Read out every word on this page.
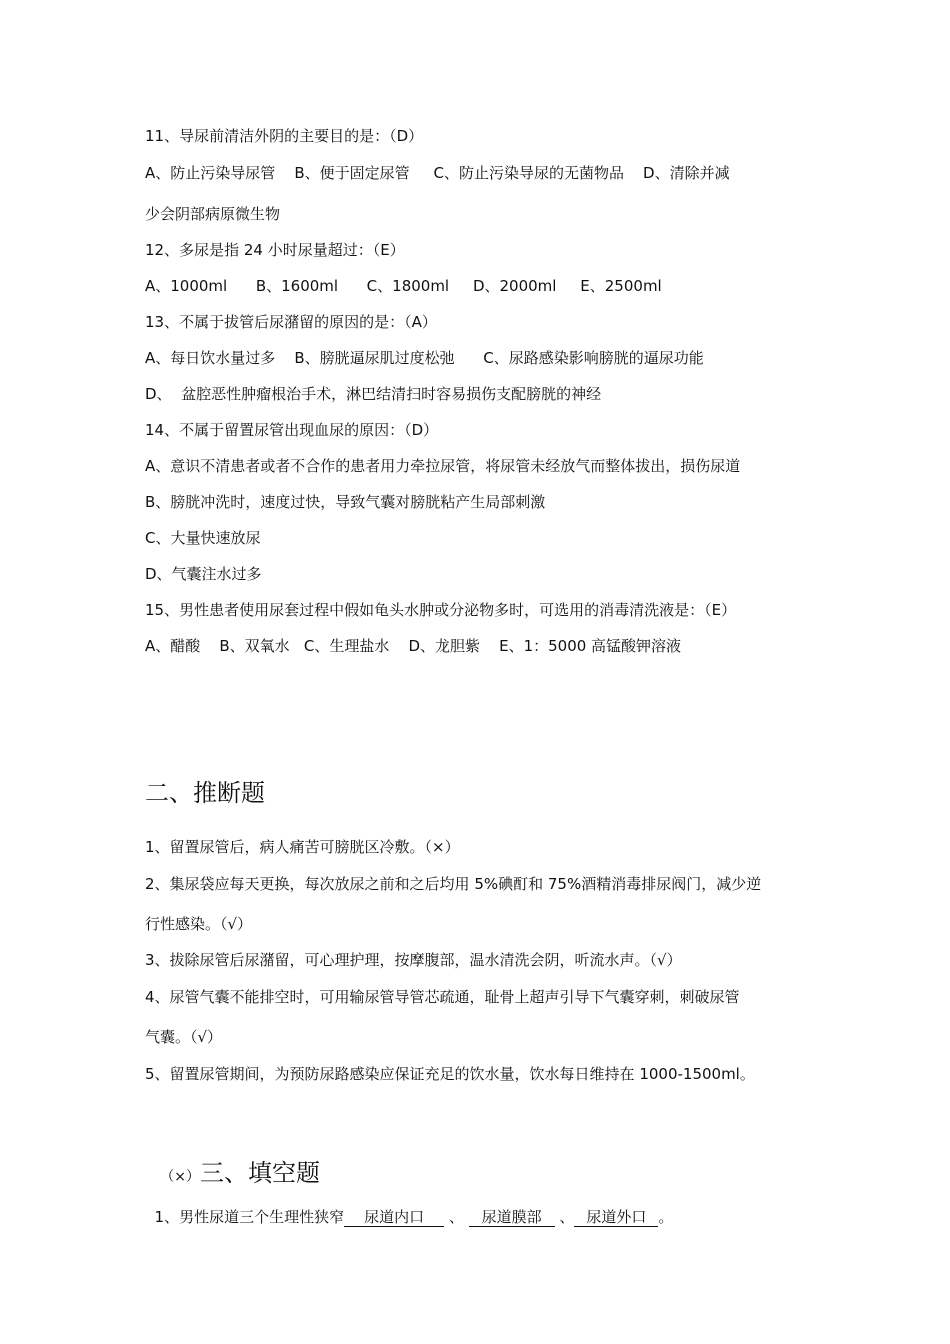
11、导尿前清洁外阴的主要目的是：（D）
A、防止污染导尿管    B、便于固定尿管     C、防止污染导尿的无菌物品    D、清除并减
少会阴部病原微生物
12、多尿是指 24 小时尿量超过：（E）
A、1000ml      B、1600ml      C、1800ml     D、2000ml     E、2500ml
13、不属于拔管后尿潴留的原因的是：（A）
A、每日饮水量过多    B、膀胱逼尿肌过度松弛      C、尿路感染影响膀胱的逼尿功能
D、  盆腔恶性肿瘤根治手术，淋巴结清扫时容易损伤支配膀胱的神经
14、不属于留置尿管出现血尿的原因：（D）
A、意识不清患者或者不合作的患者用力牵拉尿管，将尿管未经放气而整体拔出，损伤尿道
B、膀胱冲洗时，速度过快，导致气囊对膀胱粘产生局部刺激
C、大量快速放尿
D、气囊注水过多
15、男性患者使用尿套过程中假如龟头水肿或分泌物多时，可选用的消毒清洗液是：（E）
A、醋酸    B、双氧水   C、生理盐水    D、龙胆紫    E、1：5000 高锰酸钾溶液
二、推断题
1、留置尿管后，病人痛苦可膀胱区冷敷。（×）
2、集尿袋应每天更换，每次放尿之前和之后均用 5%碘酊和 75%酒精消毒排尿阀门，减少逆
行性感染。（√）
3、拔除尿管后尿潴留，可心理护理，按摩腹部，温水清洗会阴，听流水声。（√）
4、尿管气囊不能排空时，可用输尿管导管芯疏通，耻骨上超声引导下气囊穿刺，刺破尿管
气囊。（√）
5、留置尿管期间，为预防尿路感染应保证充足的饮水量，饮水每日维持在 1000-1500ml。

（×）三、填空题

1、男性尿道三个生理性狭窄 尿道内口 、 尿道膜部 、 尿道外口 。
